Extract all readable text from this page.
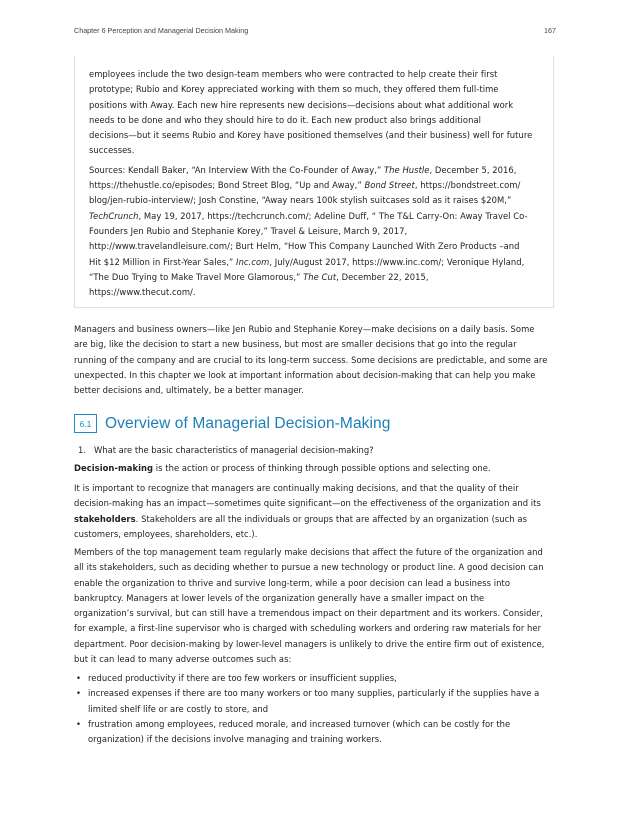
Chapter 6 Perception and Managerial Decision Making	167
employees include the two design-team members who were contracted to help create their first
prototype; Rubio and Korey appreciated working with them so much, they offered them full-time
positions with Away. Each new hire represents new decisions—decisions about what additional work
needs to be done and who they should hire to do it. Each new product also brings additional
decisions—but it seems Rubio and Korey have positioned themselves (and their business) well for future
successes.
Sources: Kendall Baker, “An Interview With the Co-Founder of Away,” The Hustle, December 5, 2016,
https://thehustle.co/episodes; Bond Street Blog, “Up and Away,” Bond Street, https://bondstreet.com/
blog/jen-rubio-interview/; Josh Constine, “Away nears 100k stylish suitcases sold as it raises $20M,”
TechCrunch, May 19, 2017, https://techcrunch.com/; Adeline Duff, “ The T&L Carry-On: Away Travel Co-
Founders Jen Rubio and Stephanie Korey,” Travel & Leisure, March 9, 2017,
http://www.travelandleisure.com/; Burt Helm, “How This Company Launched With Zero Products –and
Hit $12 Million in First-Year Sales,” Inc.com, July/August 2017, https://www.inc.com/; Veronique Hyland,
“The Duo Trying to Make Travel More Glamorous,” The Cut, December 22, 2015,
https://www.thecut.com/.
Managers and business owners—like Jen Rubio and Stephanie Korey—make decisions on a daily basis. Some
are big, like the decision to start a new business, but most are smaller decisions that go into the regular
running of the company and are crucial to its long-term success. Some decisions are predictable, and some are
unexpected. In this chapter we look at important information about decision-making that can help you make
better decisions and, ultimately, be a better manager.
6.1 Overview of Managerial Decision-Making
1. What are the basic characteristics of managerial decision-making?
Decision-making is the action or process of thinking through possible options and selecting one.
It is important to recognize that managers are continually making decisions, and that the quality of their
decision-making has an impact—sometimes quite significant—on the effectiveness of the organization and its
stakeholders. Stakeholders are all the individuals or groups that are affected by an organization (such as
customers, employees, shareholders, etc.).
Members of the top management team regularly make decisions that affect the future of the organization and
all its stakeholders, such as deciding whether to pursue a new technology or product line. A good decision can
enable the organization to thrive and survive long-term, while a poor decision can lead a business into
bankruptcy. Managers at lower levels of the organization generally have a smaller impact on the
organization’s survival, but can still have a tremendous impact on their department and its workers. Consider,
for example, a first-line supervisor who is charged with scheduling workers and ordering raw materials for her
department. Poor decision-making by lower-level managers is unlikely to drive the entire firm out of existence,
but it can lead to many adverse outcomes such as:
• reduced productivity if there are too few workers or insufficient supplies,
• increased expenses if there are too many workers or too many supplies, particularly if the supplies have a
limited shelf life or are costly to store, and
• frustration among employees, reduced morale, and increased turnover (which can be costly for the
organization) if the decisions involve managing and training workers.
